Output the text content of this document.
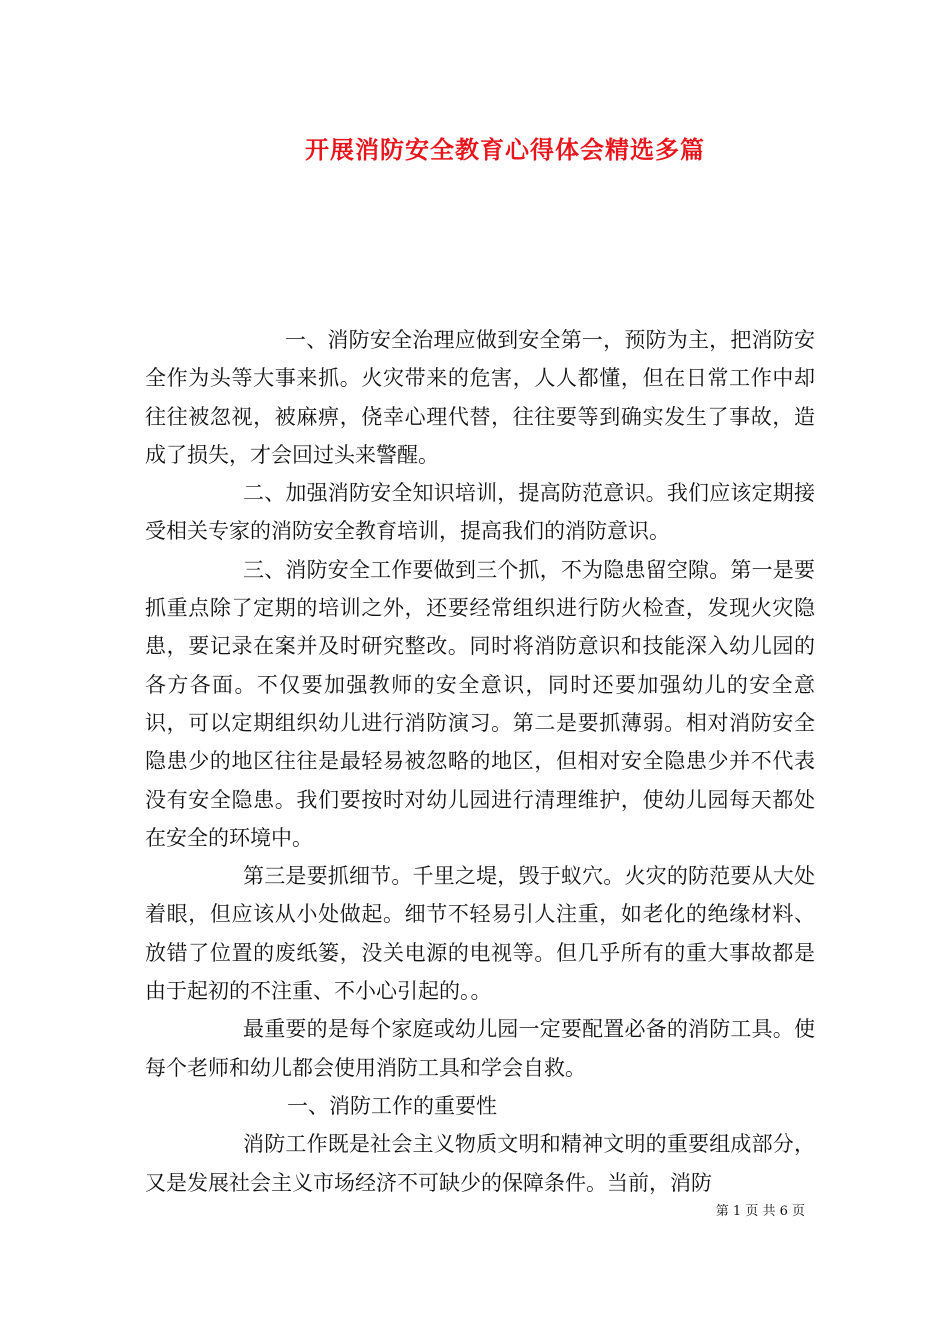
开展消防安全教育心得体会精选多篇

一、消防安全治理应做到安全第一，预防为主，把消防安全作为头等大事来抓。火灾带来的危害，人人都懂，但在日常工作中却往往被忽视，被麻痹，侥幸心理代替，往往要等到确实发生了事故，造成了损失，才会回过头来警醒。

二、加强消防安全知识培训，提高防范意识。我们应该定期接受相关专家的消防安全教育培训，提高我们的消防意识。

三、消防安全工作要做到三个抓，不为隐患留空隙。第一是要抓重点除了定期的培训之外，还要经常组织进行防火检查，发现火灾隐患，要记录在案并及时研究整改。同时将消防意识和技能深入幼儿园的各方各面。不仅要加强教师的安全意识，同时还要加强幼儿的安全意识，可以定期组织幼儿进行消防演习。第二是要抓薄弱。相对消防安全隐患少的地区往往是最轻易被忽略的地区，但相对安全隐患少并不代表没有安全隐患。我们要按时对幼儿园进行清理维护，使幼儿园每天都处在安全的环境中。

第三是要抓细节。千里之堤，毁于蚁穴。火灾的防范要从大处着眼，但应该从小处做起。细节不轻易引人注重，如老化的绝缘材料、放错了位置的废纸篓，没关电源的电视等。但几乎所有的重大事故都是由于起初的不注重、不小心引起的。。

最重要的是每个家庭或幼儿园一定要配置必备的消防工具。使每个老师和幼儿都会使用消防工具和学会自救。

一、消防工作的重要性

消防工作既是社会主义物质文明和精神文明的重要组成部分，又是发展社会主义市场经济不可缺少的保障条件。当前，消防

第 1 页 共 6 页
